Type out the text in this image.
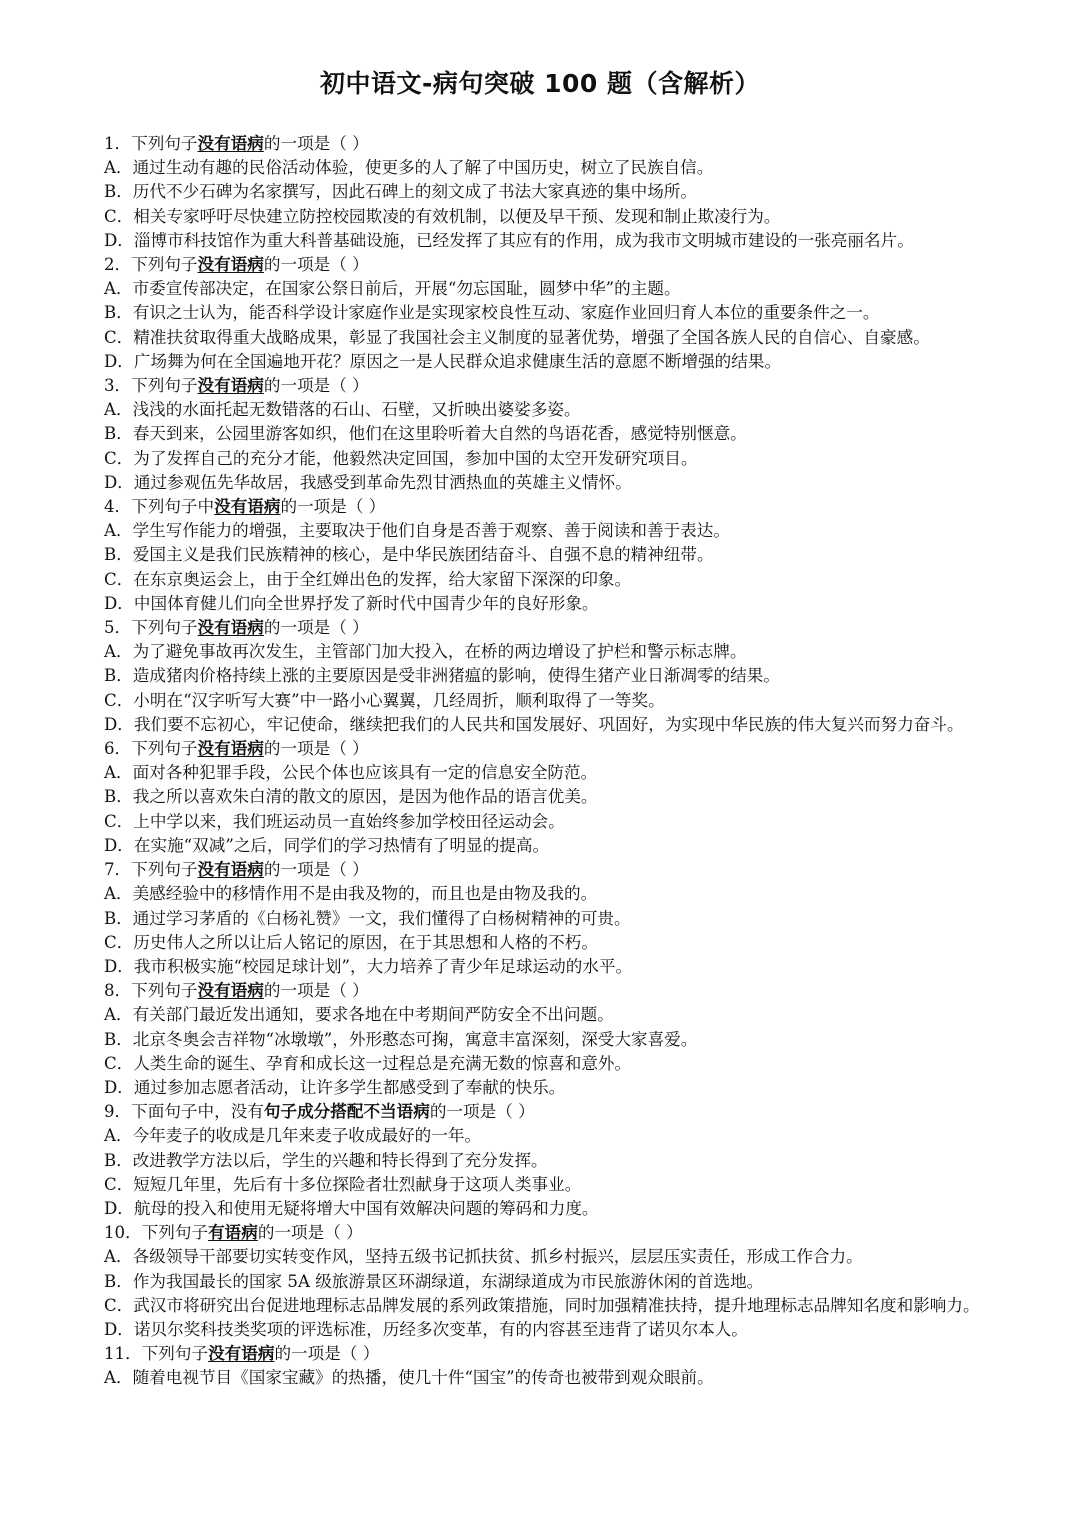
初中语文-病句突破 100 题（含解析）
1．下列句子没有语病的一项是（ ）
A．通过生动有趣的民俗活动体验，使更多的人了解了中国历史，树立了民族自信。
B．历代不少石碑为名家撰写，因此石碑上的刻文成了书法大家真迹的集中场所。
C．相关专家呼吁尽快建立防控校园欺凌的有效机制，以便及早干预、发现和制止欺凌行为。
D．淄博市科技馆作为重大科普基础设施，已经发挥了其应有的作用，成为我市文明城市建设的一张亮丽名片。
2．下列句子没有语病的一项是（ ）
A．市委宣传部决定，在国家公祭日前后，开展“勿忘国耻，圆梦中华”的主题。
B．有识之士认为，能否科学设计家庭作业是实现家校良性互动、家庭作业回归育人本位的重要条件之一。
C．精准扶贫取得重大战略成果，彰显了我国社会主义制度的显著优势，增强了全国各族人民的自信心、自豪感。
D．广场舞为何在全国遍地开花？原因之一是人民群众追求健康生活的意愿不断增强的结果。
3．下列句子没有语病的一项是（ ）
A．浅浅的水面托起无数错落的石山、石壁，又折映出婆娑多姿。
B．春天到来，公园里游客如织，他们在这里聆听着大自然的鸟语花香，感觉特别惬意。
C．为了发挥自己的充分才能，他毅然决定回国，参加中国的太空开发研究项目。
D．通过参观伍先华故居，我感受到革命先烈甘洒热血的英雄主义情怀。
4．下列句子中没有语病的一项是（ ）
A．学生写作能力的增强，主要取决于他们自身是否善于观察、善于阅读和善于表达。
B．爱国主义是我们民族精神的核心，是中华民族团结奋斗、自强不息的精神纽带。
C．在东京奥运会上，由于全红婵出色的发挥，给大家留下深深的印象。
D．中国体育健儿们向全世界抒发了新时代中国青少年的良好形象。
5．下列句子没有语病的一项是（ ）
A．为了避免事故再次发生，主管部门加大投入，在桥的两边增设了护栏和警示标志牌。
B．造成猪肉价格持续上涨的主要原因是受非洲猪瘟的影响，使得生猪产业日渐凋零的结果。
C．小明在“汉字听写大赛”中一路小心翼翼，几经周折，顺利取得了一等奖。
D．我们要不忘初心，牢记使命，继续把我们的人民共和国发展好、巩固好，为实现中华民族的伟大复兴而努力奋斗。
6．下列句子没有语病的一项是（ ）
A．面对各种犯罪手段，公民个体也应该具有一定的信息安全防范。
B．我之所以喜欢朱白清的散文的原因，是因为他作品的语言优美。
C．上中学以来，我们班运动员一直始终参加学校田径运动会。
D．在实施“双减”之后，同学们的学习热情有了明显的提高。
7．下列句子没有语病的一项是（ ）
A．美感经验中的移情作用不是由我及物的，而且也是由物及我的。
B．通过学习茅盾的《白杨礼赞》一文，我们懂得了白杨树精神的可贵。
C．历史伟人之所以让后人铭记的原因，在于其思想和人格的不朽。
D．我市积极实施“校园足球计划”，大力培养了青少年足球运动的水平。
8．下列句子没有语病的一项是（ ）
A．有关部门最近发出通知，要求各地在中考期间严防安全不出问题。
B．北京冬奥会吉祥物“冰墩墩”，外形憨态可掬，寓意丰富深刻，深受大家喜爱。
C．人类生命的诞生、孕育和成长这一过程总是充满无数的惊喜和意外。
D．通过参加志愿者活动，让许多学生都感受到了奉献的快乐。
9．下面句子中，没有句子成分搭配不当语病的一项是（ ）
A．今年麦子的收成是几年来麦子收成最好的一年。
B．改进教学方法以后，学生的兴趣和特长得到了充分发挥。
C．短短几年里，先后有十多位探险者壮烈献身于这项人类事业。
D．航母的投入和使用无疑将增大中国有效解决问题的筹码和力度。
10．下列句子有语病的一项是（ ）
A．各级领导干部要切实转变作风，坚持五级书记抓扶贫、抓乡村振兴，层层压实责任，形成工作合力。
B．作为我国最长的国家 5A 级旅游景区环湖绿道，东湖绿道成为市民旅游休闲的首选地。
C．武汉市将研究出台促进地理标志品牌发展的系列政策措施，同时加强精准扶持，提升地理标志品牌知名度和影响力。
D．诺贝尔奖科技类奖项的评选标准，历经多次变革，有的内容甚至违背了诺贝尔本人。
11．下列句子没有语病的一项是（ ）
A．随着电视节目《国家宝藏》的热播，使几十件“国宝”的传奇也被带到观众眼前。
